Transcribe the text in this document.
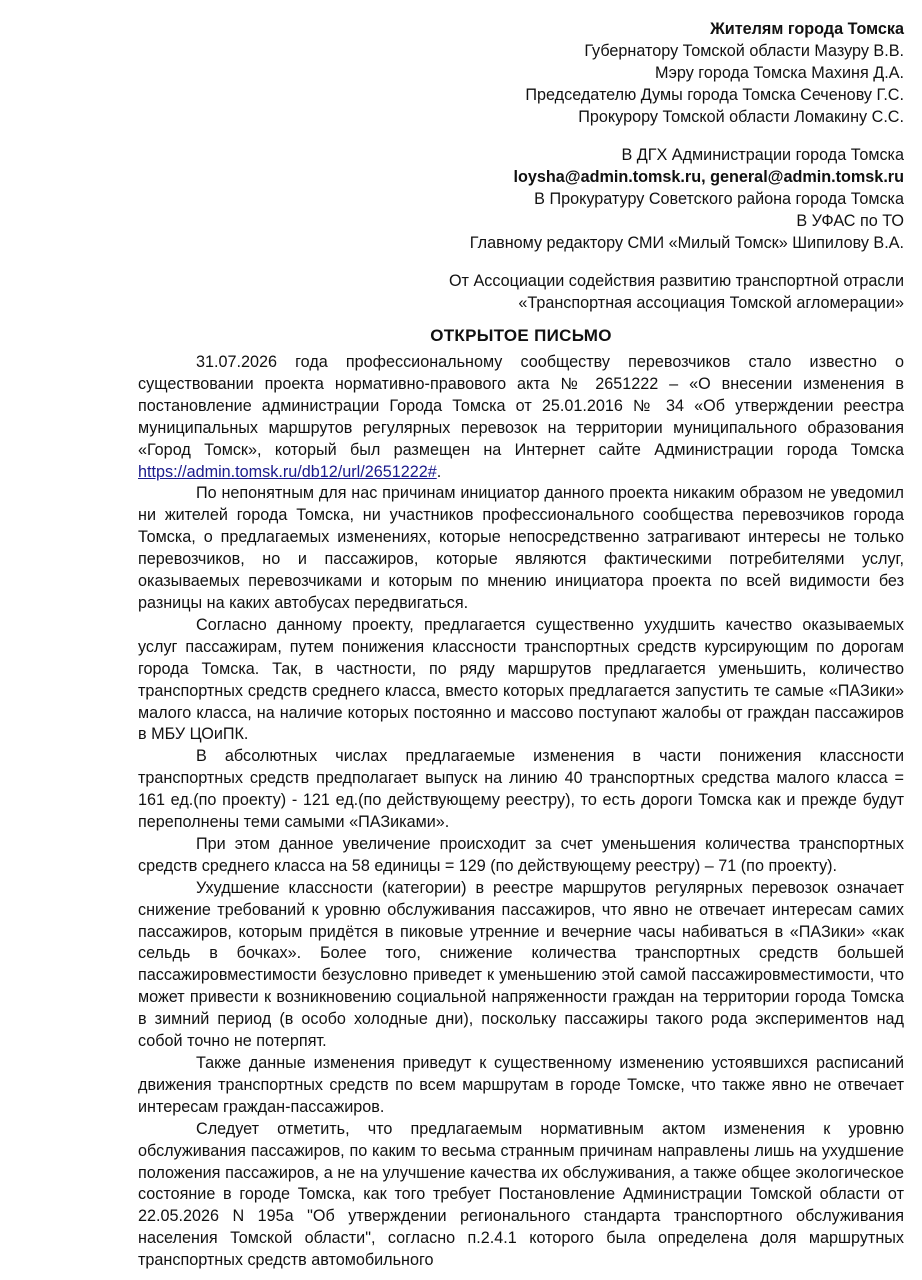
Жителям города Томска

Губернатору Томской области Мазуру В.В.

Мэру города Томска Махиня Д.А.

Председателю Думы города Томска Сеченову Г.С.

Прокурору Томской области Ломакину С.С.

В ДГХ Администрации города Томска

loysha@admin.tomsk.ru, general@admin.tomsk.ru

В Прокуратуру Советского района города Томска

В УФАС по ТО

Главному редактору СМИ «Милый Томск» Шипилову В.А.

От Ассоциации содействия развитию транспортной отрасли

«Транспортная ассоциация Томской агломерации»

ОТКРЫТОЕ ПИСЬМО

31.07.2026 года профессиональному сообществу перевозчиков стало известно о существовании проекта нормативно-правового акта № 2651222 – «О внесении изменения в постановление администрации Города Томска от 25.01.2016 № 34 «Об утверждении реестра муниципальных маршрутов регулярных перевозок на территории муниципального образования «Город Томск», который был размещен на Интернет сайте Администрации города Томска https://admin.tomsk.ru/db12/url/2651222#.

По непонятным для нас причинам инициатор данного проекта никаким образом не уведомил ни жителей города Томска, ни участников профессионального сообщества перевозчиков города Томска, о предлагаемых изменениях, которые непосредственно затрагивают интересы не только перевозчиков, но и пассажиров, которые являются фактическими потребителями услуг, оказываемых перевозчиками и которым по мнению инициатора проекта по всей видимости без разницы на каких автобусах передвигаться.

Согласно данному проекту, предлагается существенно ухудшить качество оказываемых услуг пассажирам, путем понижения классности транспортных средств курсирующим по дорогам города Томска. Так, в частности, по ряду маршрутов предлагается уменьшить, количество транспортных средств среднего класса, вместо которых предлагается запустить те самые «ПАЗики» малого класса, на наличие которых постоянно и массово поступают жалобы от граждан пассажиров в МБУ ЦОиПК.

В абсолютных числах предлагаемые изменения в части понижения классности транспортных средств предполагает выпуск на линию 40 транспортных средства малого класса = 161 ед.(по проекту) - 121 ед.(по действующему реестру), то есть дороги Томска как и прежде будут переполнены теми самыми «ПАЗиками».

При этом данное увеличение происходит за счет уменьшения количества транспортных средств среднего класса на 58 единицы = 129 (по действующему реестру) – 71 (по проекту).

Ухудшение классности (категории) в реестре маршрутов регулярных перевозок означает снижение требований к уровню обслуживания пассажиров, что явно не отвечает интересам самих пассажиров, которым придётся в пиковые утренние и вечерние часы набиваться в «ПАЗики» «как сельдь в бочках». Более того, снижение количества транспортных средств большей пассажировместимости безусловно приведет к уменьшению этой самой пассажировместимости, что может привести к возникновению социальной напряженности граждан на территории города Томска в зимний период (в особо холодные дни), поскольку пассажиры такого рода экспериментов над собой точно не потерпят.

Также данные изменения приведут к существенному изменению устоявшихся расписаний движения транспортных средств по всем маршрутам в городе Томске, что также явно не отвечает интересам граждан-пассажиров.

Следует отметить, что предлагаемым нормативным актом изменения к уровню обслуживания пассажиров, по каким то весьма странным причинам направлены лишь на ухудшение положения пассажиров, а не на улучшение качества их обслуживания, а также общее экологическое состояние в городе Томска, как того требует Постановление Администрации Томской области от 22.05.2026 N 195а "Об утверждении регионального стандарта транспортного обслуживания населения Томской области", согласно п.2.4.1 которого была определена доля маршрутных транспортных средств автомобильного
